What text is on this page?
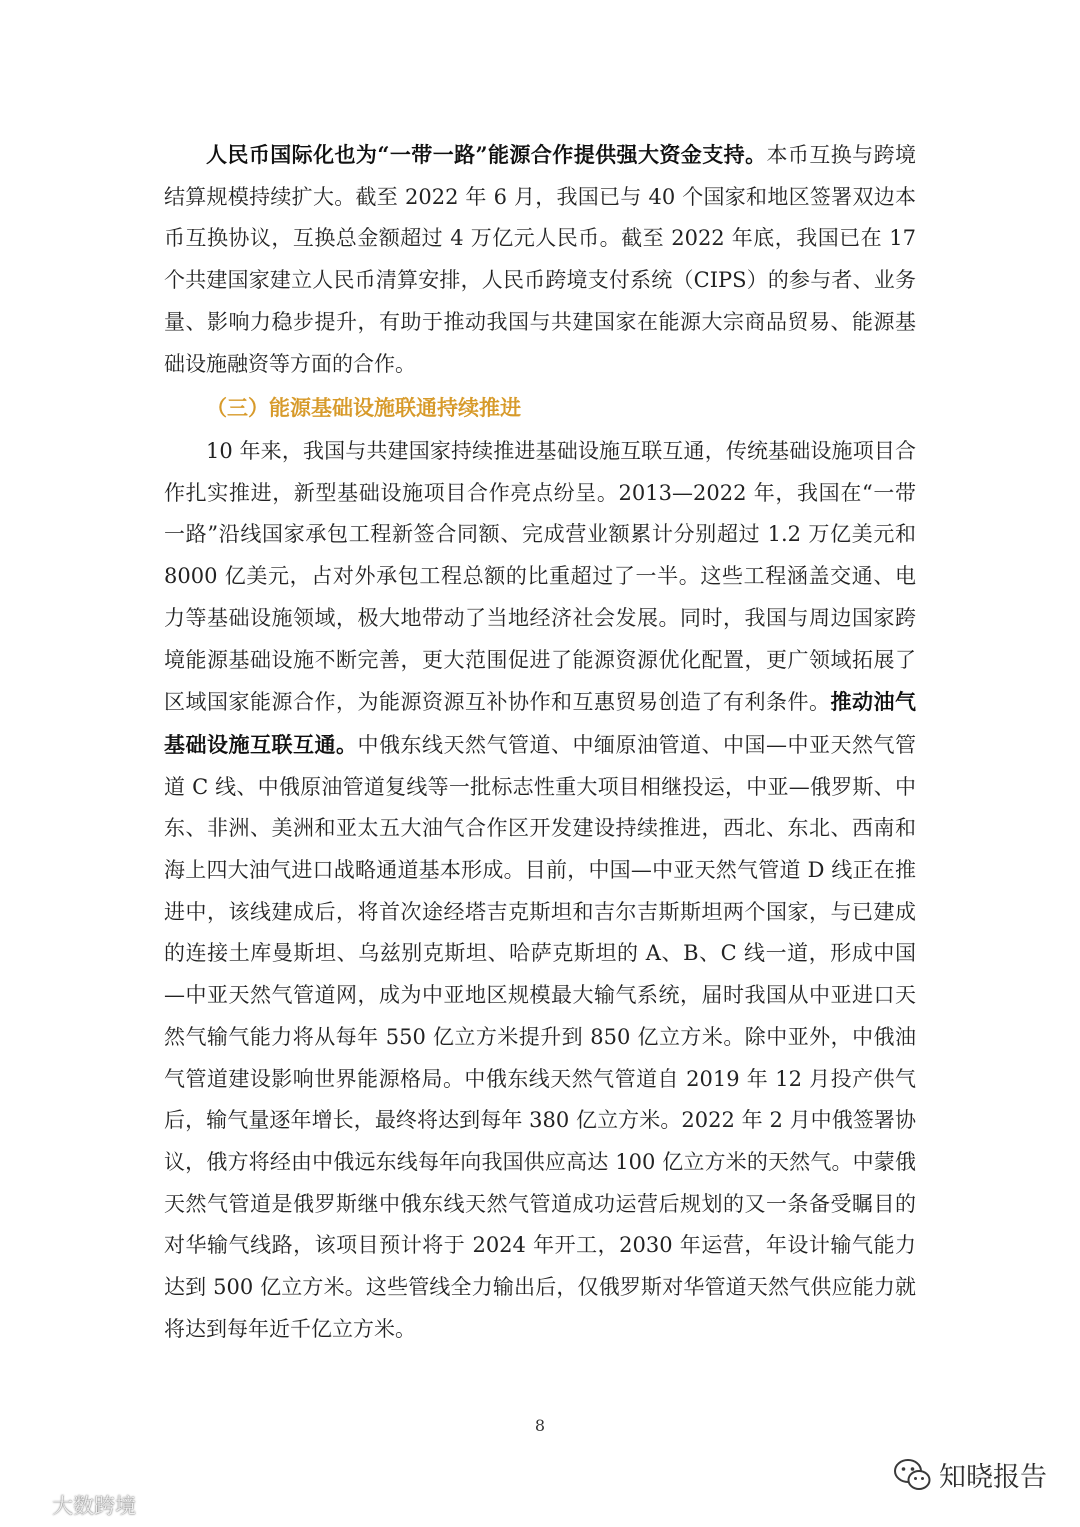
人民币国际化也为“一带一路”能源合作提供强大资金支持。本币互换与跨境结算规模持续扩大。截至 2022 年 6 月，我国已与 40 个国家和地区签署双边本币互换协议，互换总金额超过 4 万亿元人民币。截至 2022 年底，我国已在 17 个共建国家建立人民币清算安排，人民币跨境支付系统（CIPS）的参与者、业务量、影响力稳步提升，有助于推动我国与共建国家在能源大宗商品贸易、能源基础设施融资等方面的合作。

（三）能源基础设施联通持续推进

10 年来，我国与共建国家持续推进基础设施互联互通，传统基础设施项目合作扎实推进，新型基础设施项目合作亮点纷呈。2013—2022 年，我国在“一带一路”沿线国家承包工程新签合同额、完成营业额累计分别超过 1.2 万亿美元和 8000 亿美元，占对外承包工程总额的比重超过了一半。这些工程涵盖交通、电力等基础设施领域，极大地带动了当地经济社会发展。同时，我国与周边国家跨境能源基础设施不断完善，更大范围促进了能源资源优化配置，更广领域拓展了区域国家能源合作，为能源资源互补协作和互惠贸易创造了有利条件。推动油气基础设施互联互通。中俄东线天然气管道、中缅原油管道、中国—中亚天然气管道 C 线、中俄原油管道复线等一批标志性重大项目相继投运，中亚—俄罗斯、中东、非洲、美洲和亚太五大油气合作区开发建设持续推进，西北、东北、西南和海上四大油气进口战略通道基本形成。目前，中国—中亚天然气管道 D 线正在推进中，该线建成后，将首次途经塔吉克斯坦和吉尔吉斯斯坦两个国家，与已建成的连接土库曼斯坦、乌兹别克斯坦、哈萨克斯坦的 A、B、C 线一道，形成中国—中亚天然气管道网，成为中亚地区规模最大输气系统，届时我国从中亚进口天然气输气能力将从每年 550 亿立方米提升到 850 亿立方米。除中亚外，中俄油气管道建设影响世界能源格局。中俄东线天然气管道自 2019 年 12 月投产供气后，输气量逐年增长，最终将达到每年 380 亿立方米。2022 年 2 月中俄签署协议，俄方将经由中俄远东线每年向我国供应高达 100 亿立方米的天然气。中蒙俄天然气管道是俄罗斯继中俄东线天然气管道成功运营后规划的又一条备受瞩目的对华输气线路，该项目预计将于 2024 年开工，2030 年运营，年设计输气能力达到 500 亿立方米。这些管线全力输出后，仅俄罗斯对华管道天然气供应能力就将达到每年近千亿立方米。

8
大数跨境
知晓报告
